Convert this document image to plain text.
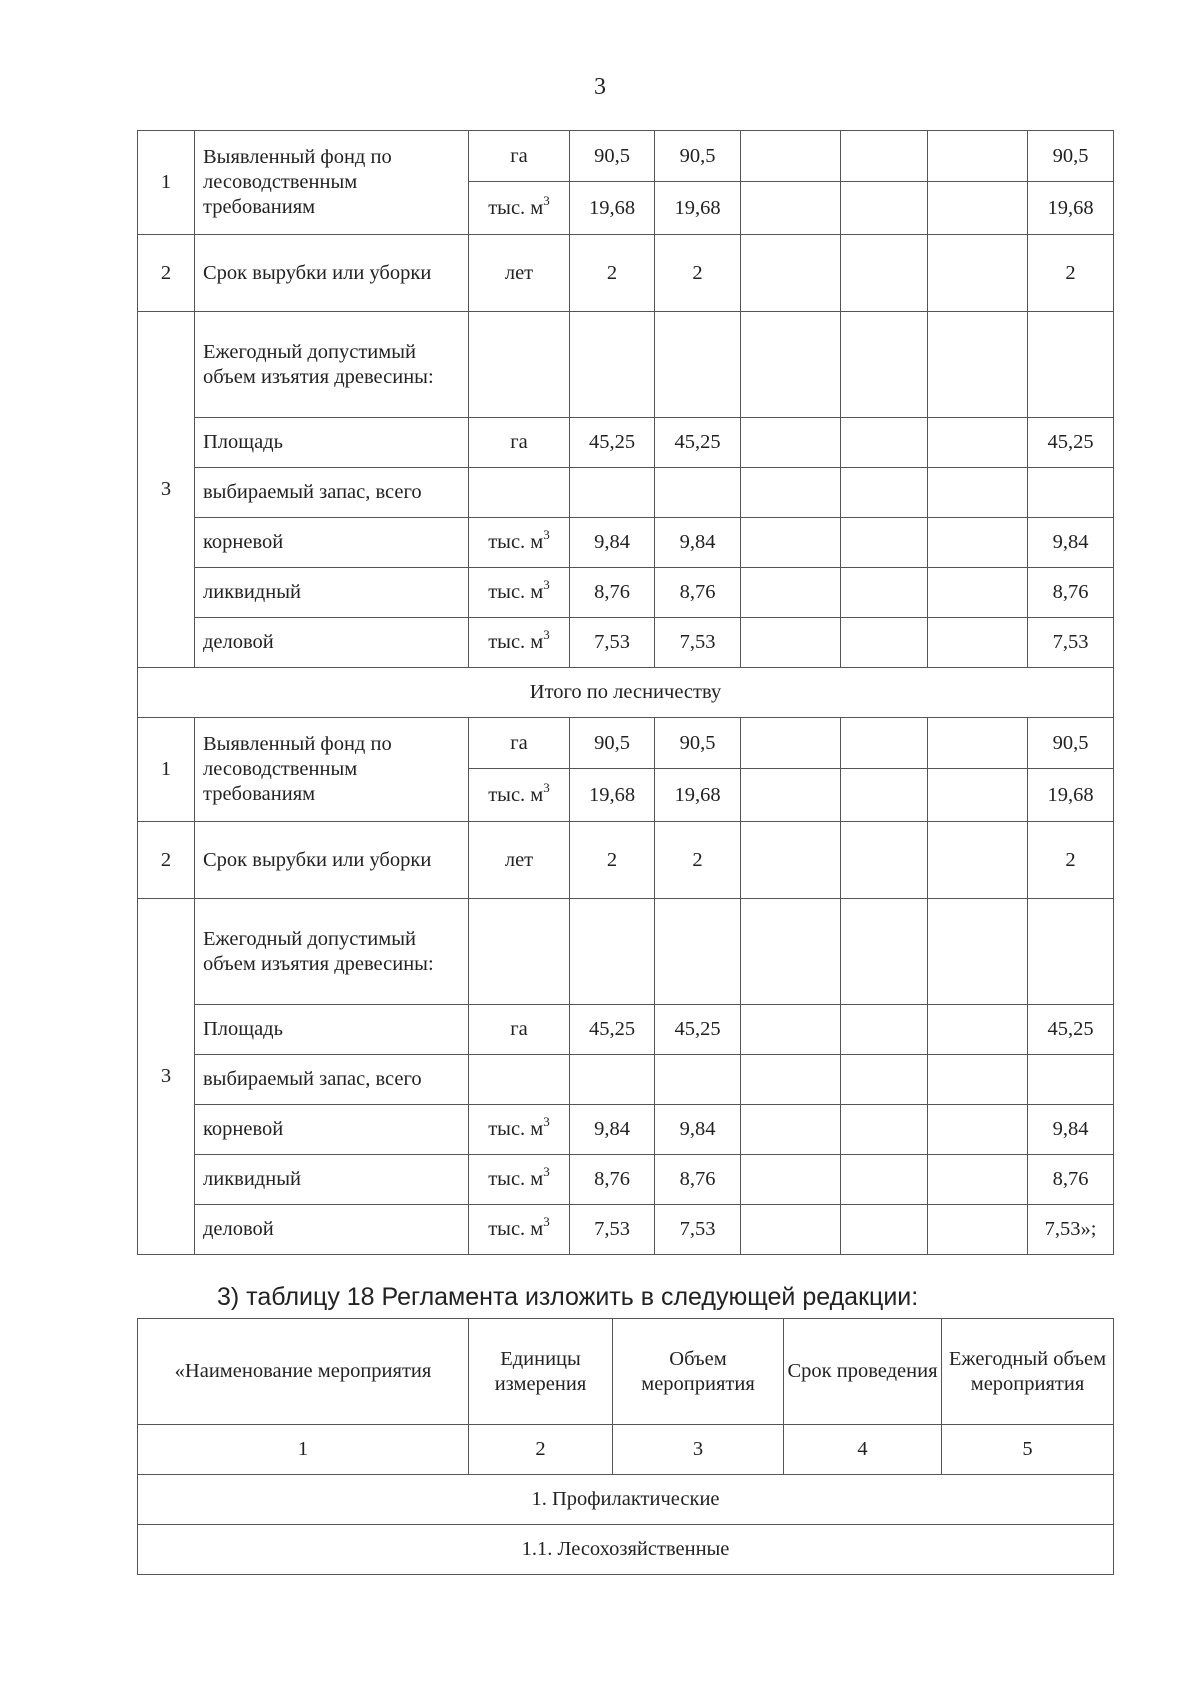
3
1	Выявленный фонд по лесоводственным требованиям	га	90,5	90,5				90,5
		тыс. $м^3$	19,68	19,68				19,68
2	Срок вырубки или уборки	лет	2	2				2
3	Ежегодный допустимый объем изъятия древесины:							
	Площадь	га	45,25	45,25				45,25
	выбираемый запас, всего							
	корневой	тыс. $м^3$	9,84	9,84				9,84
	ликвидный	тыс. $м^3$	8,76	8,76				8,76
	деловой	тыс. $м^3$	7,53	7,53				7,53
Итого по лесничеству								
1	Выявленный фонд по лесоводственным требованиям	га	90,5	90,5				90,5
		тыс. $м^3$	19,68	19,68				19,68
2	Срок вырубки или уборки	лет	2	2				2
3	Ежегодный допустимый объем изъятия древесины:							
	Площадь	га	45,25	45,25				45,25
	выбираемый запас, всего							
	корневой	тыс. $м^3$	9,84	9,84				9,84
	ликвидный	тыс. $м^3$	8,76	8,76				8,76
	деловой	тыс. $м^3$	7,53	7,53				7,53»;
3) таблицу 18 Регламента изложить в следующей редакции:
«Наименование мероприятия	Единицы измерения	Объем мероприятия	Срок проведения	Ежегодный объем мероприятия
1	2	3	4	5
1. Профилактические				
1.1. Лесохозяйственные				
